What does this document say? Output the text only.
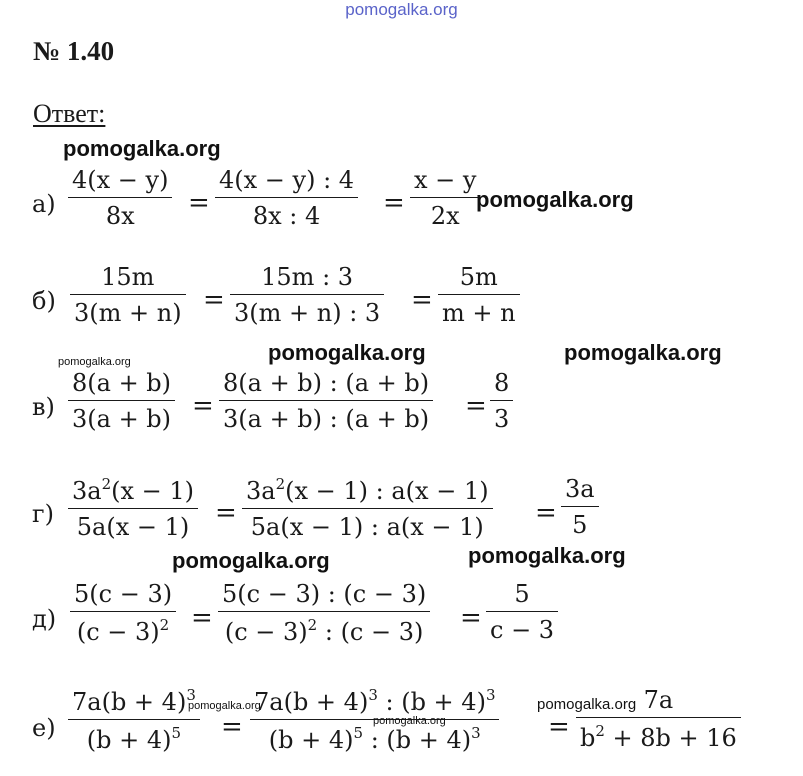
pomogalka.org
№ 1.40
Ответ:
а)
4(x − y)
8x =
4(x − y) : 4
8x : 4 =
x − y
2x
б)
15m
3(m + n) =
15m : 3
3(m + n) : 3 =
5m
m + n
в)
8(a + b)
3(a + b) =
8(a + b) : (a + b)
3(a + b) : (a + b) =
8
3
г)
$3a^2(x - 1)$
5a(x − 1) =
$3a^2(x - 1)$ : a(x − 1)
5a(x − 1) : a(x − 1) =
3a
5
д)
5(c − 3)
$(c - 3)^2$ =
5(c − 3) : (c − 3)
$(c - 3)^2$ : (c − 3) =
5
c − 3
е)
$7a(b + 4)^3$
$(b + 4)^5$ =
$7a(b + 4)^3$ : $(b + 4)^3$
$(b + 4)^5$ : $(b + 4)^3$	=
7a
$b^2 + 8b + 16$
pomogalka.org
pomogalka.org
pomogalka.org	pomogalka.org	pomogalka.org
pomogalka.org	pomogalka.org
pomogalka.org
pomogalka.org
pomogalka.org
